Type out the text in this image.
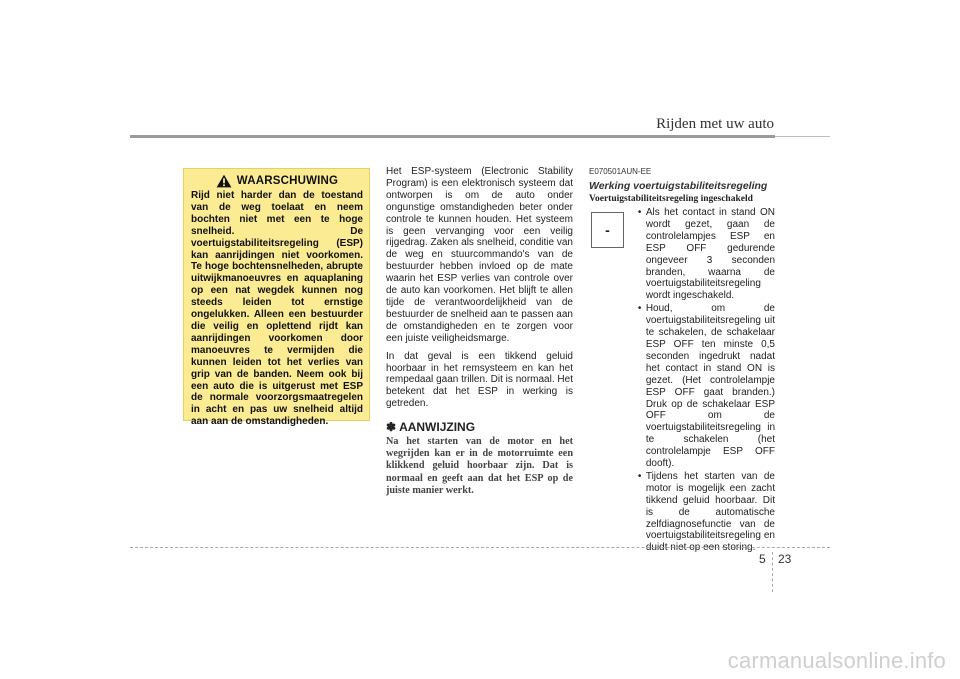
Rijden met uw auto
WAARSCHUWING
Rijd niet harder dan de toestand van de weg toelaat en neem bochten niet met een te hoge snelheid. De voertuigstabiliteitsregeling (ESP) kan aanrijdingen niet voorkomen. Te hoge bochtensnelheden, abrupte uitwijkmanoeuvres en aquaplaning op een nat wegdek kunnen nog steeds leiden tot ernstige ongelukken. Alleen een bestuurder die veilig en oplettend rijdt kan aanrijdingen voorkomen door manoeuvres te vermijden die kunnen leiden tot het verlies van grip van de banden. Neem ook bij een auto die is uitgerust met ESP de normale voorzorgsmaatregelen in acht en pas uw snelheid altijd aan aan de omstandigheden.

Het ESP-systeem (Electronic Stability Program) is een elektronisch systeem dat ontworpen is om de auto onder ongunstige omstandigheden beter onder controle te kunnen houden. Het systeem is geen vervanging voor een veilig rijgedrag. Zaken als snelheid, conditie van de weg en stuurcommando's van de bestuurder hebben invloed op de mate waarin het ESP verlies van controle over de auto kan voorkomen. Het blijft te allen tijde de verantwoordelijkheid van de bestuurder de snelheid aan te passen aan de omstandigheden en te zorgen voor een juiste veiligheidsmarge.

In dat geval is een tikkend geluid hoorbaar in het remsysteem en kan het rempedaal gaan trillen. Dit is normaal. Het betekent dat het ESP in werking is getreden.

✽ AANWIJZING
Na het starten van de motor en het wegrijden kan er in de motorruimte een klikkend geluid hoorbaar zijn. Dat is normaal en geeft aan dat het ESP op de juiste manier werkt.
E070501AUN-EE
Werking voertuigstabiliteitsregeling
Voertuigstabiliteitsregeling ingeschakeld
-
• Als het contact in stand ON wordt gezet, gaan de controlelampjes ESP en ESP OFF gedurende ongeveer 3 seconden branden, waarna de voertuigstabiliteitsregeling wordt ingeschakeld.
• Houd, om de voertuigstabiliteitsregeling uit te schakelen, de schakelaar ESP OFF ten minste 0,5 seconden ingedrukt nadat het contact in stand ON is gezet. (Het controlelampje ESP OFF gaat branden.) Druk op de schakelaar ESP OFF om de voertuigstabiliteitsregeling in te schakelen (het controlelampje ESP OFF dooft).
• Tijdens het starten van de motor is mogelijk een zacht tikkend geluid hoorbaar. Dit is de automatische zelfdiagnosefunctie van de voertuigstabiliteitsregeling en duidt niet op een storing.
5 23
carmanualsonline.info
